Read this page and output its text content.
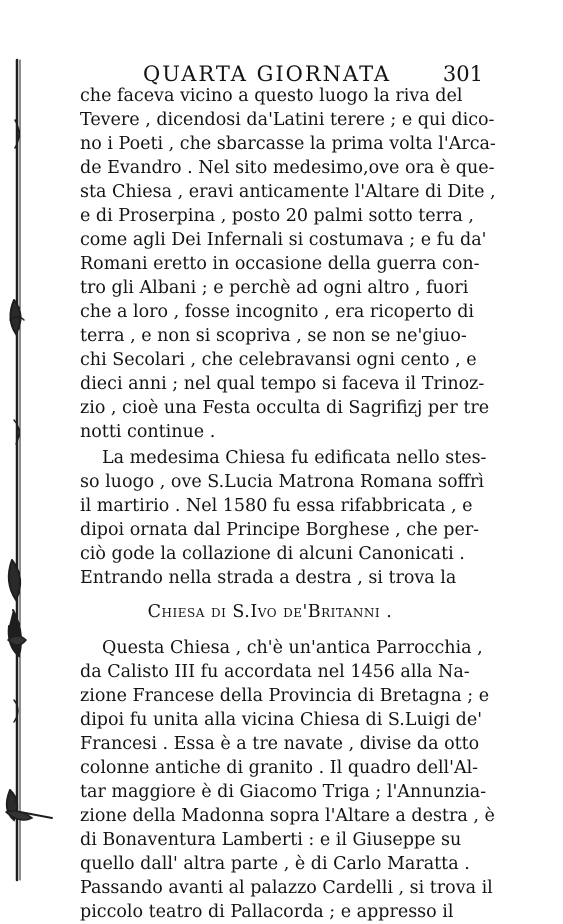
QUARTA GIORNATA 301
che faceva vicino a questo luogo la riva del
Tevere , dicendosi da'Latini terere ; e qui dico-
no i Poeti , che sbarcasse la prima volta l'Arca-
de Evandro . Nel sito medesimo,ove ora è que-
sta Chiesa , eravi anticamente l'Altare di Dite ,
e di Proserpina , posto 20 palmi sotto terra ,
come agli Dei Infernali si costumava ; e fu da'
Romani eretto in occasione della guerra con-
tro gli Albani ; e perchè ad ogni altro , fuori
che a loro , fosse incognito , era ricoperto di
terra , e non si scopriva , se non se ne'giuo-
chi Secolari , che celebravansi ogni cento , e
dieci anni ; nel qual tempo si faceva il Trinoz-
zio , cioè una Festa occulta di Sagrifizj per tre
notti continue .
La medesima Chiesa fu edificata nello stes-
so luogo , ove S.Lucia Matrona Romana soffrì
il martirio . Nel 1580 fu essa rifabbricata , e
dipoi ornata dal Principe Borghese , che per-
ciò gode la collazione di alcuni Canonicati .
Entrando nella strada a destra , si trova la
Chiesa di S.Ivo de'Britanni .
Questa Chiesa , ch'è un'antica Parrocchia ,
da Calisto III fu accordata nel 1456 alla Na-
zione Francese della Provincia di Bretagna ; e
dipoi fu unita alla vicina Chiesa di S.Luigi de'
Francesi . Essa è a tre navate , divise da otto
colonne antiche di granito . Il quadro dell'Al-
tar maggiore è di Giacomo Triga ; l'Annunzia-
zione della Madonna sopra l'Altare a destra , è
di Bonaventura Lamberti : e il Giuseppe su
quello dall' altra parte , è di Carlo Maratta .
Passando avanti al palazzo Cardelli , si trova il
piccolo teatro di Pallacorda ; e appresso il
